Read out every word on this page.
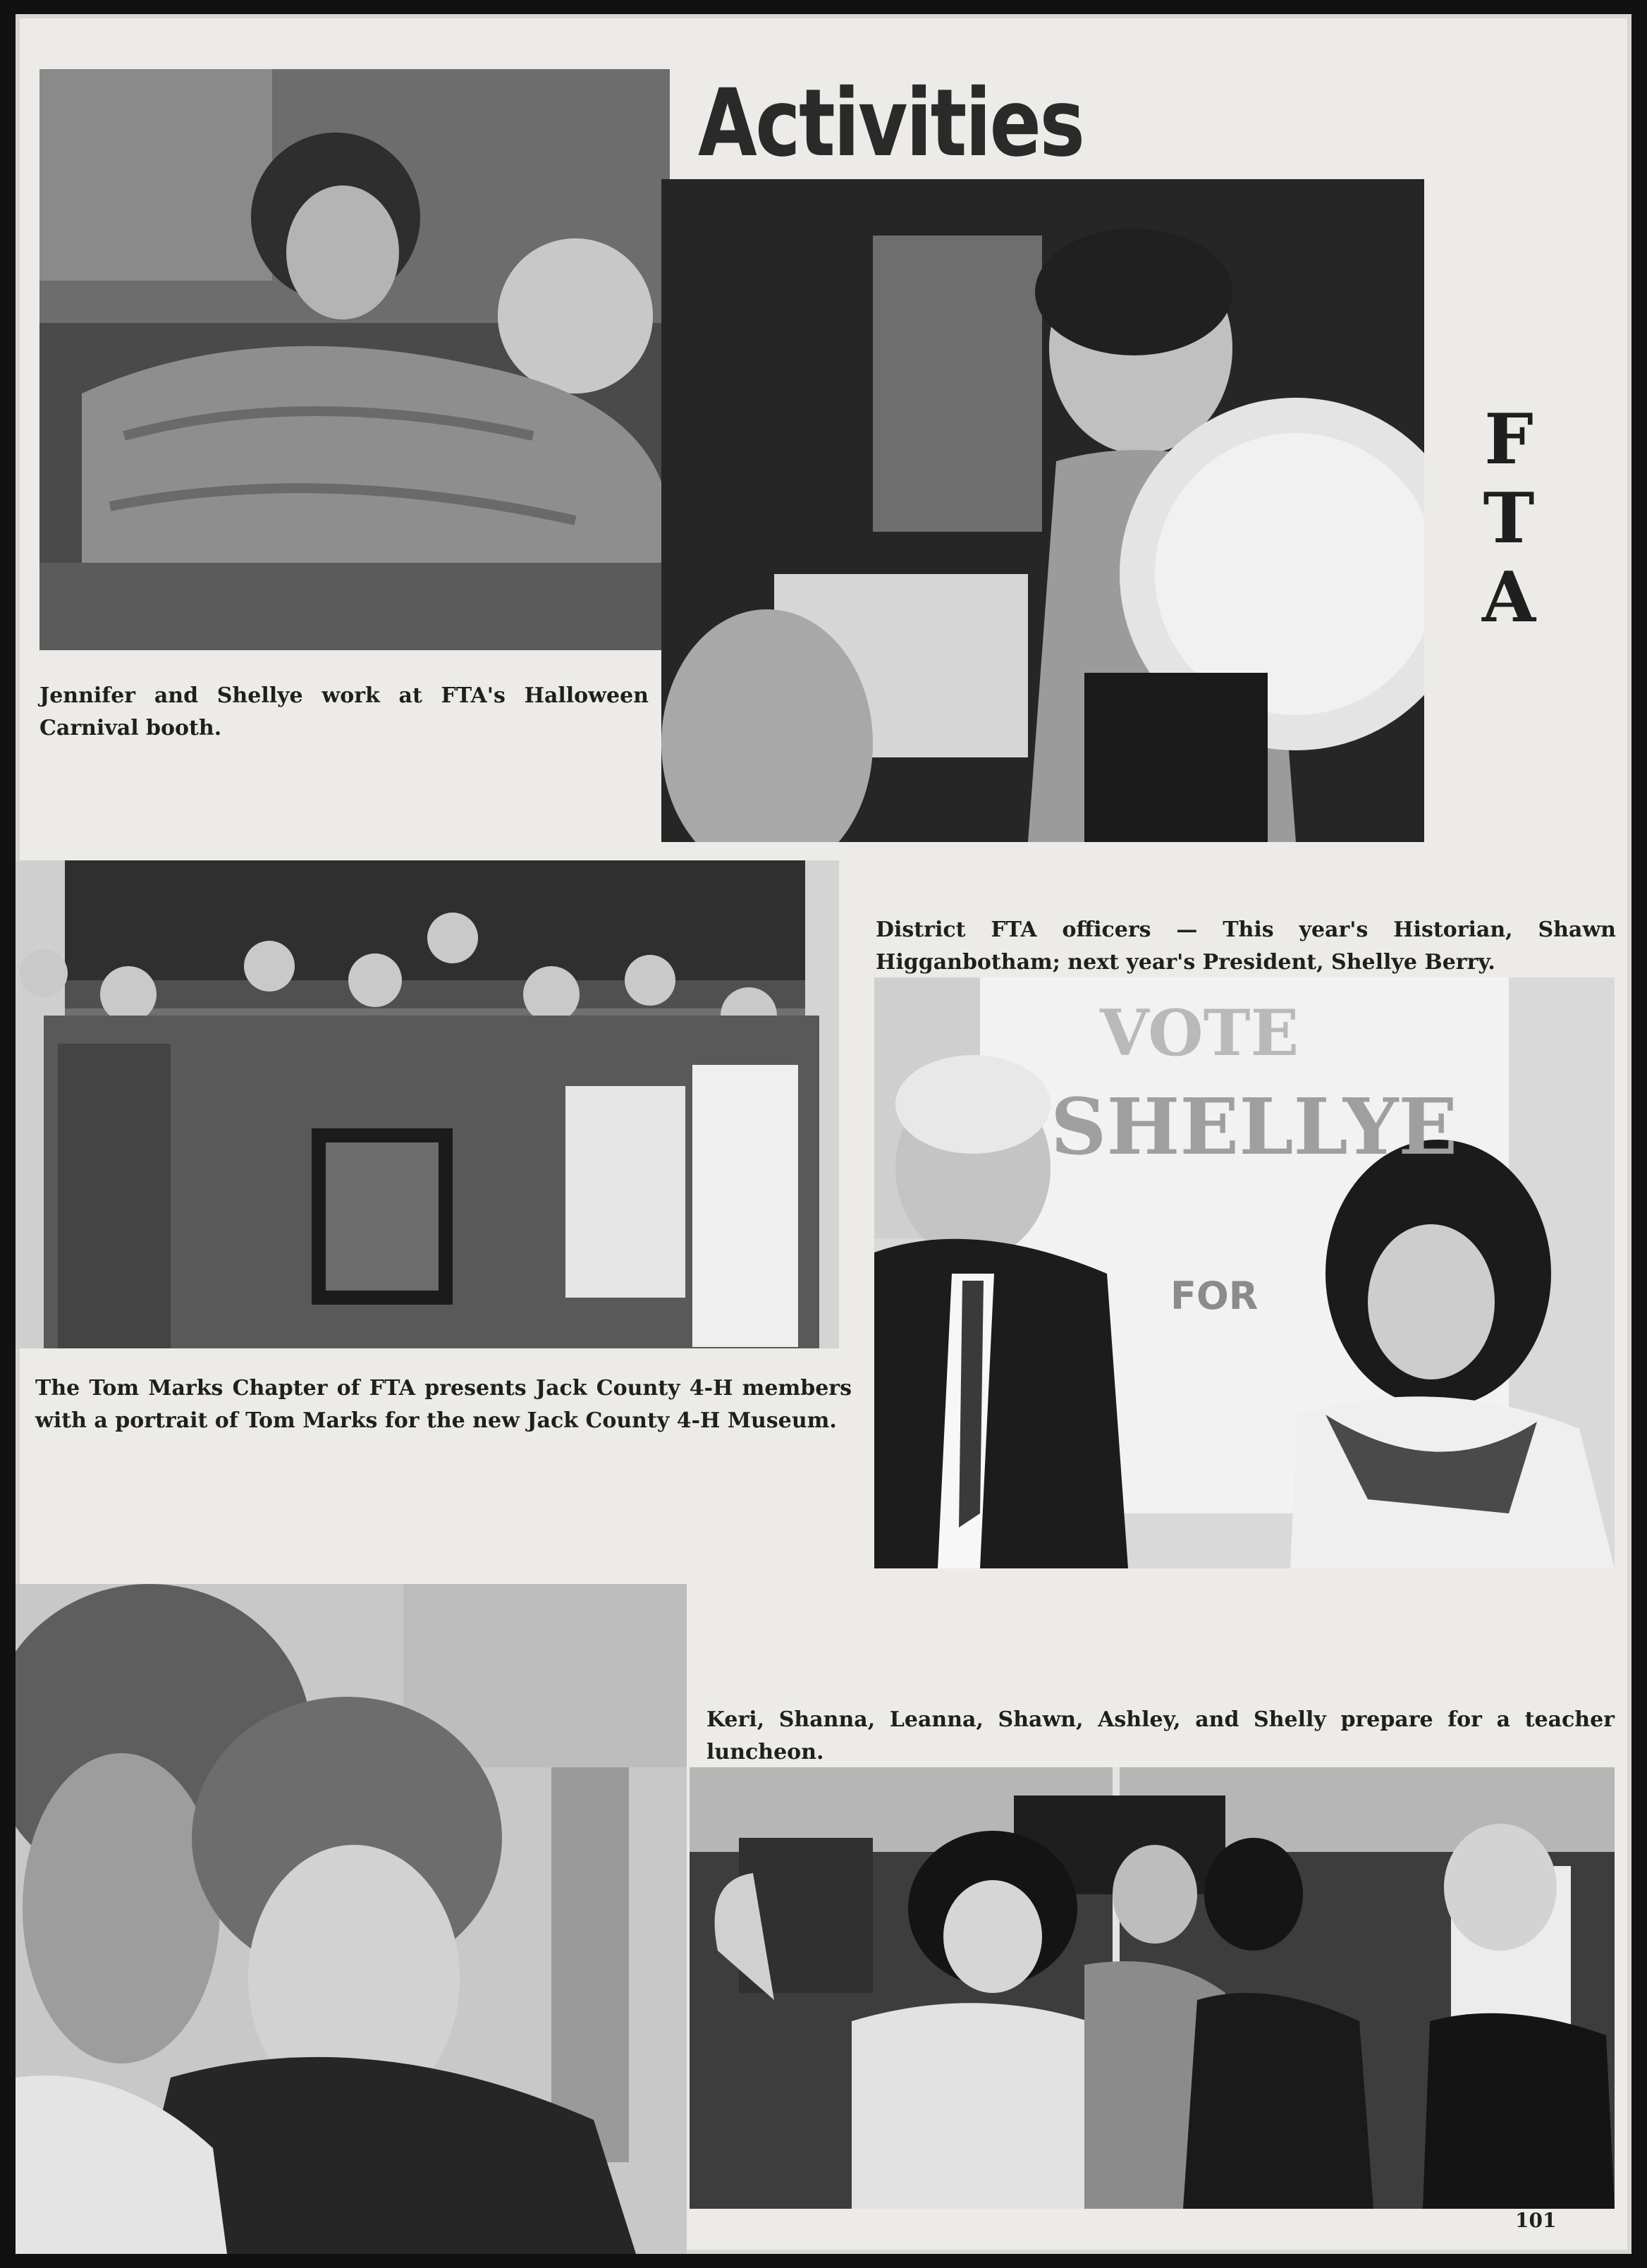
Jennifer and Shellye work at FTA's Halloween Carnival booth.
Activities
F
T
A
The Tom Marks Chapter of FTA presents Jack County 4-H members with a portrait of Tom Marks for the new Jack County 4-H Museum.
District FTA officers — This year's Historian, Shawn Higganbotham; next year's President, Shellye Berry.
VOTE
SHELLYE
FOR
Keri, Shanna, Leanna, Shawn, Ashley, and Shelly prepare for a teacher luncheon.
101
